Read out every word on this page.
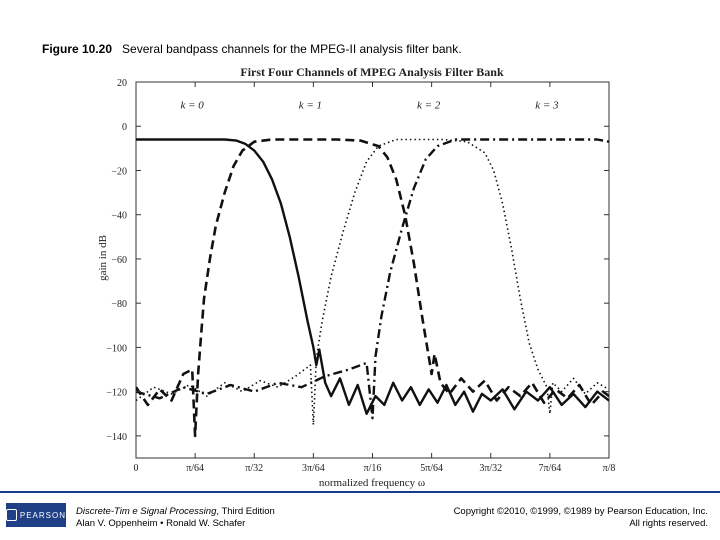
Figure 10.20 Several bandpass channels for the MPEG-II analysis filter bank.
20
0
−20
−40
−60
−80
−100
−120
−140
0	π/64	π/32	3π/64	π/16	5π/64	3π/32	7π/64	π/8
First Four Channels of MPEG Analysis Filter Bank
normalized frequency ω
gain in dB
k = 0	k = 1	k = 2	k = 3
PEARSON Discrete-Tim e Signal Processing, Third Edition
Alan V. Oppenheim • Ronald W. Schafer
Copyright ©2010, ©1999, ©1989 by Pearson Education, Inc.
All rights reserved.
